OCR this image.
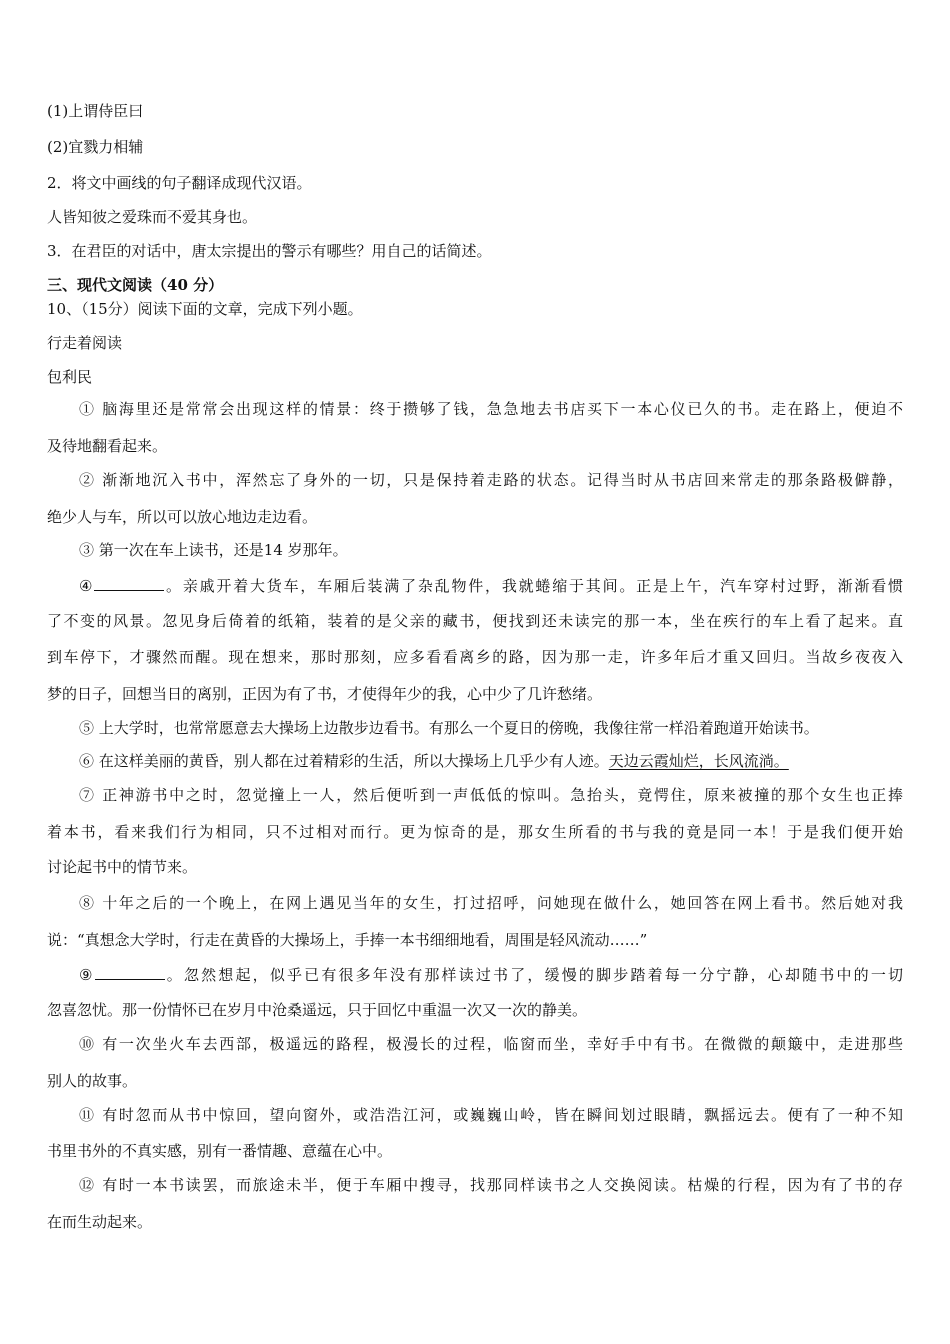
(1)上谓侍臣曰
(2)宜戮力相辅
2．将文中画线的句子翻译成现代汉语。
人皆知彼之爱珠而不爱其身也。
3．在君臣的对话中，唐太宗提出的警示有哪些？用自己的话简述。
三、现代文阅读（40 分）
10、（15分）阅读下面的文章，完成下列小题。
行走着阅读
包利民
① 脑海里还是常常会出现这样的情景：终于攒够了钱，急急地去书店买下一本心仪已久的书。走在路上，便迫不
及待地翻看起来。
② 渐渐地沉入书中，浑然忘了身外的一切，只是保持着走路的状态。记得当时从书店回来常走的那条路极僻静，
绝少人与车，所以可以放心地边走边看。
③ 第一次在车上读书，还是14 岁那年。
④	。亲戚开着大货车，车厢后装满了杂乱物件，我就蜷缩于其间。正是上午，汽车穿村过野，渐渐看惯
了不变的风景。忽见身后倚着的纸箱，装着的是父亲的藏书，便找到还未读完的那一本，坐在疾行的车上看了起来。直
到车停下，才骤然而醒。现在想来，那时那刻，应多看看离乡的路，因为那一走，许多年后才重又回归。当故乡夜夜入
梦的日子，回想当日的离别，正因为有了书，才使得年少的我，心中少了几许愁绪。
⑤ 上大学时，也常常愿意去大操场上边散步边看书。有那么一个夏日的傍晚，我像往常一样沿着跑道开始读书。
⑥ 在这样美丽的黄昏，别人都在过着精彩的生活，所以大操场上几乎少有人迹。天边云霞灿烂，长风流淌。
⑦ 正神游书中之时，忽觉撞上一人，然后便听到一声低低的惊叫。急抬头，竟愕住，原来被撞的那个女生也正捧
着本书，看来我们行为相同，只不过相对而行。更为惊奇的是，那女生所看的书与我的竟是同一本！于是我们便开始
讨论起书中的情节来。
⑧ 十年之后的一个晚上，在网上遇见当年的女生，打过招呼，问她现在做什么，她回答在网上看书。然后她对我
说：“真想念大学时，行走在黄昏的大操场上，手捧一本书细细地看，周围是轻风流动……”
⑨	。忽然想起，似乎已有很多年没有那样读过书了，缓慢的脚步踏着每一分宁静，心却随书中的一切
忽喜忽忧。那一份情怀已在岁月中沧桑遥远，只于回忆中重温一次又一次的静美。
⑩ 有一次坐火车去西部，极遥远的路程，极漫长的过程，临窗而坐，幸好手中有书。在微微的颠簸中，走进那些
别人的故事。
⑪ 有时忽而从书中惊回，望向窗外，或浩浩江河，或巍巍山岭，皆在瞬间划过眼睛，飘摇远去。便有了一种不知
书里书外的不真实感，别有一番情趣、意蕴在心中。
⑫ 有时一本书读罢，而旅途未半，便于车厢中搜寻，找那同样读书之人交换阅读。枯燥的行程，因为有了书的存
在而生动起来。
